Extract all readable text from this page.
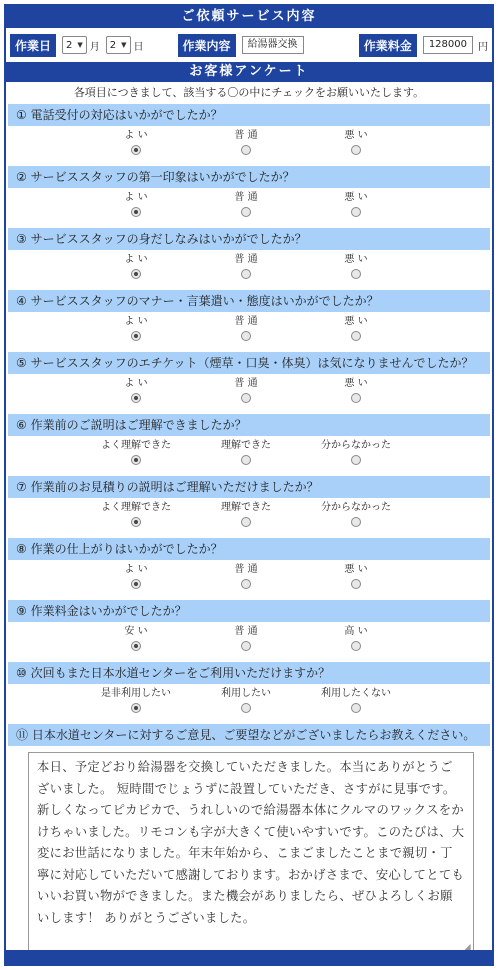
ご依頼サービス内容
作業日	2 ▼ 月 2 ▼ 日	作業内容	給湯器交換	作業料金	128000	円
お客様アンケート
各項目につきまして、該当する〇の中にチェックをお願いいたします。
① 電話受付の対応はいかがでしたか？
よ い	普 通	悪 い
② サービススタッフの第一印象はいかがでしたか？
よ い	普 通	悪 い
③ サービススタッフの身だしなみはいかがでしたか？
よ い	普 通	悪 い
④ サービススタッフのマナー・言葉遣い・態度はいかがでしたか？
よ い	普 通	悪 い
⑤ サービススタッフのエチケット（煙草・口臭・体臭）は気になりませんでしたか？
よ い	普 通	悪 い
⑥ 作業前のご説明はご理解できましたか？
よく理解できた	理解できた	分からなかった
⑦ 作業前のお見積りの説明はご理解いただけましたか？
よく理解できた	理解できた	分からなかった
⑧ 作業の仕上がりはいかがでしたか？
よ い	普 通	悪 い
⑨ 作業料金はいかがでしたか？
安 い	普 通	高 い
⑩ 次回もまた日本水道センターをご利用いただけますか？
是非利用したい	利用したい	利用したくない
⑪ 日本水道センターに対するご意見、ご要望などがございましたらお教えください。
本日、予定どおり給湯器を交換していただきました。本当にありがとうございました。 短時間でじょうずに設置していただき、さすがに見事です。新しくなってピカピカで、うれしいので給湯器本体にクルマのワックスをかけちゃいました。リモコンも字が大きくて使いやすいです。このたびは、大変にお世話になりました。年末年始から、こまごましたことまで親切・丁寧に対応していただいて感謝しております。おかげさまで、安心してとてもいいお買い物ができました。また機会がありましたら、ぜひよろしくお願いします！ ありがとうございました。
◢
